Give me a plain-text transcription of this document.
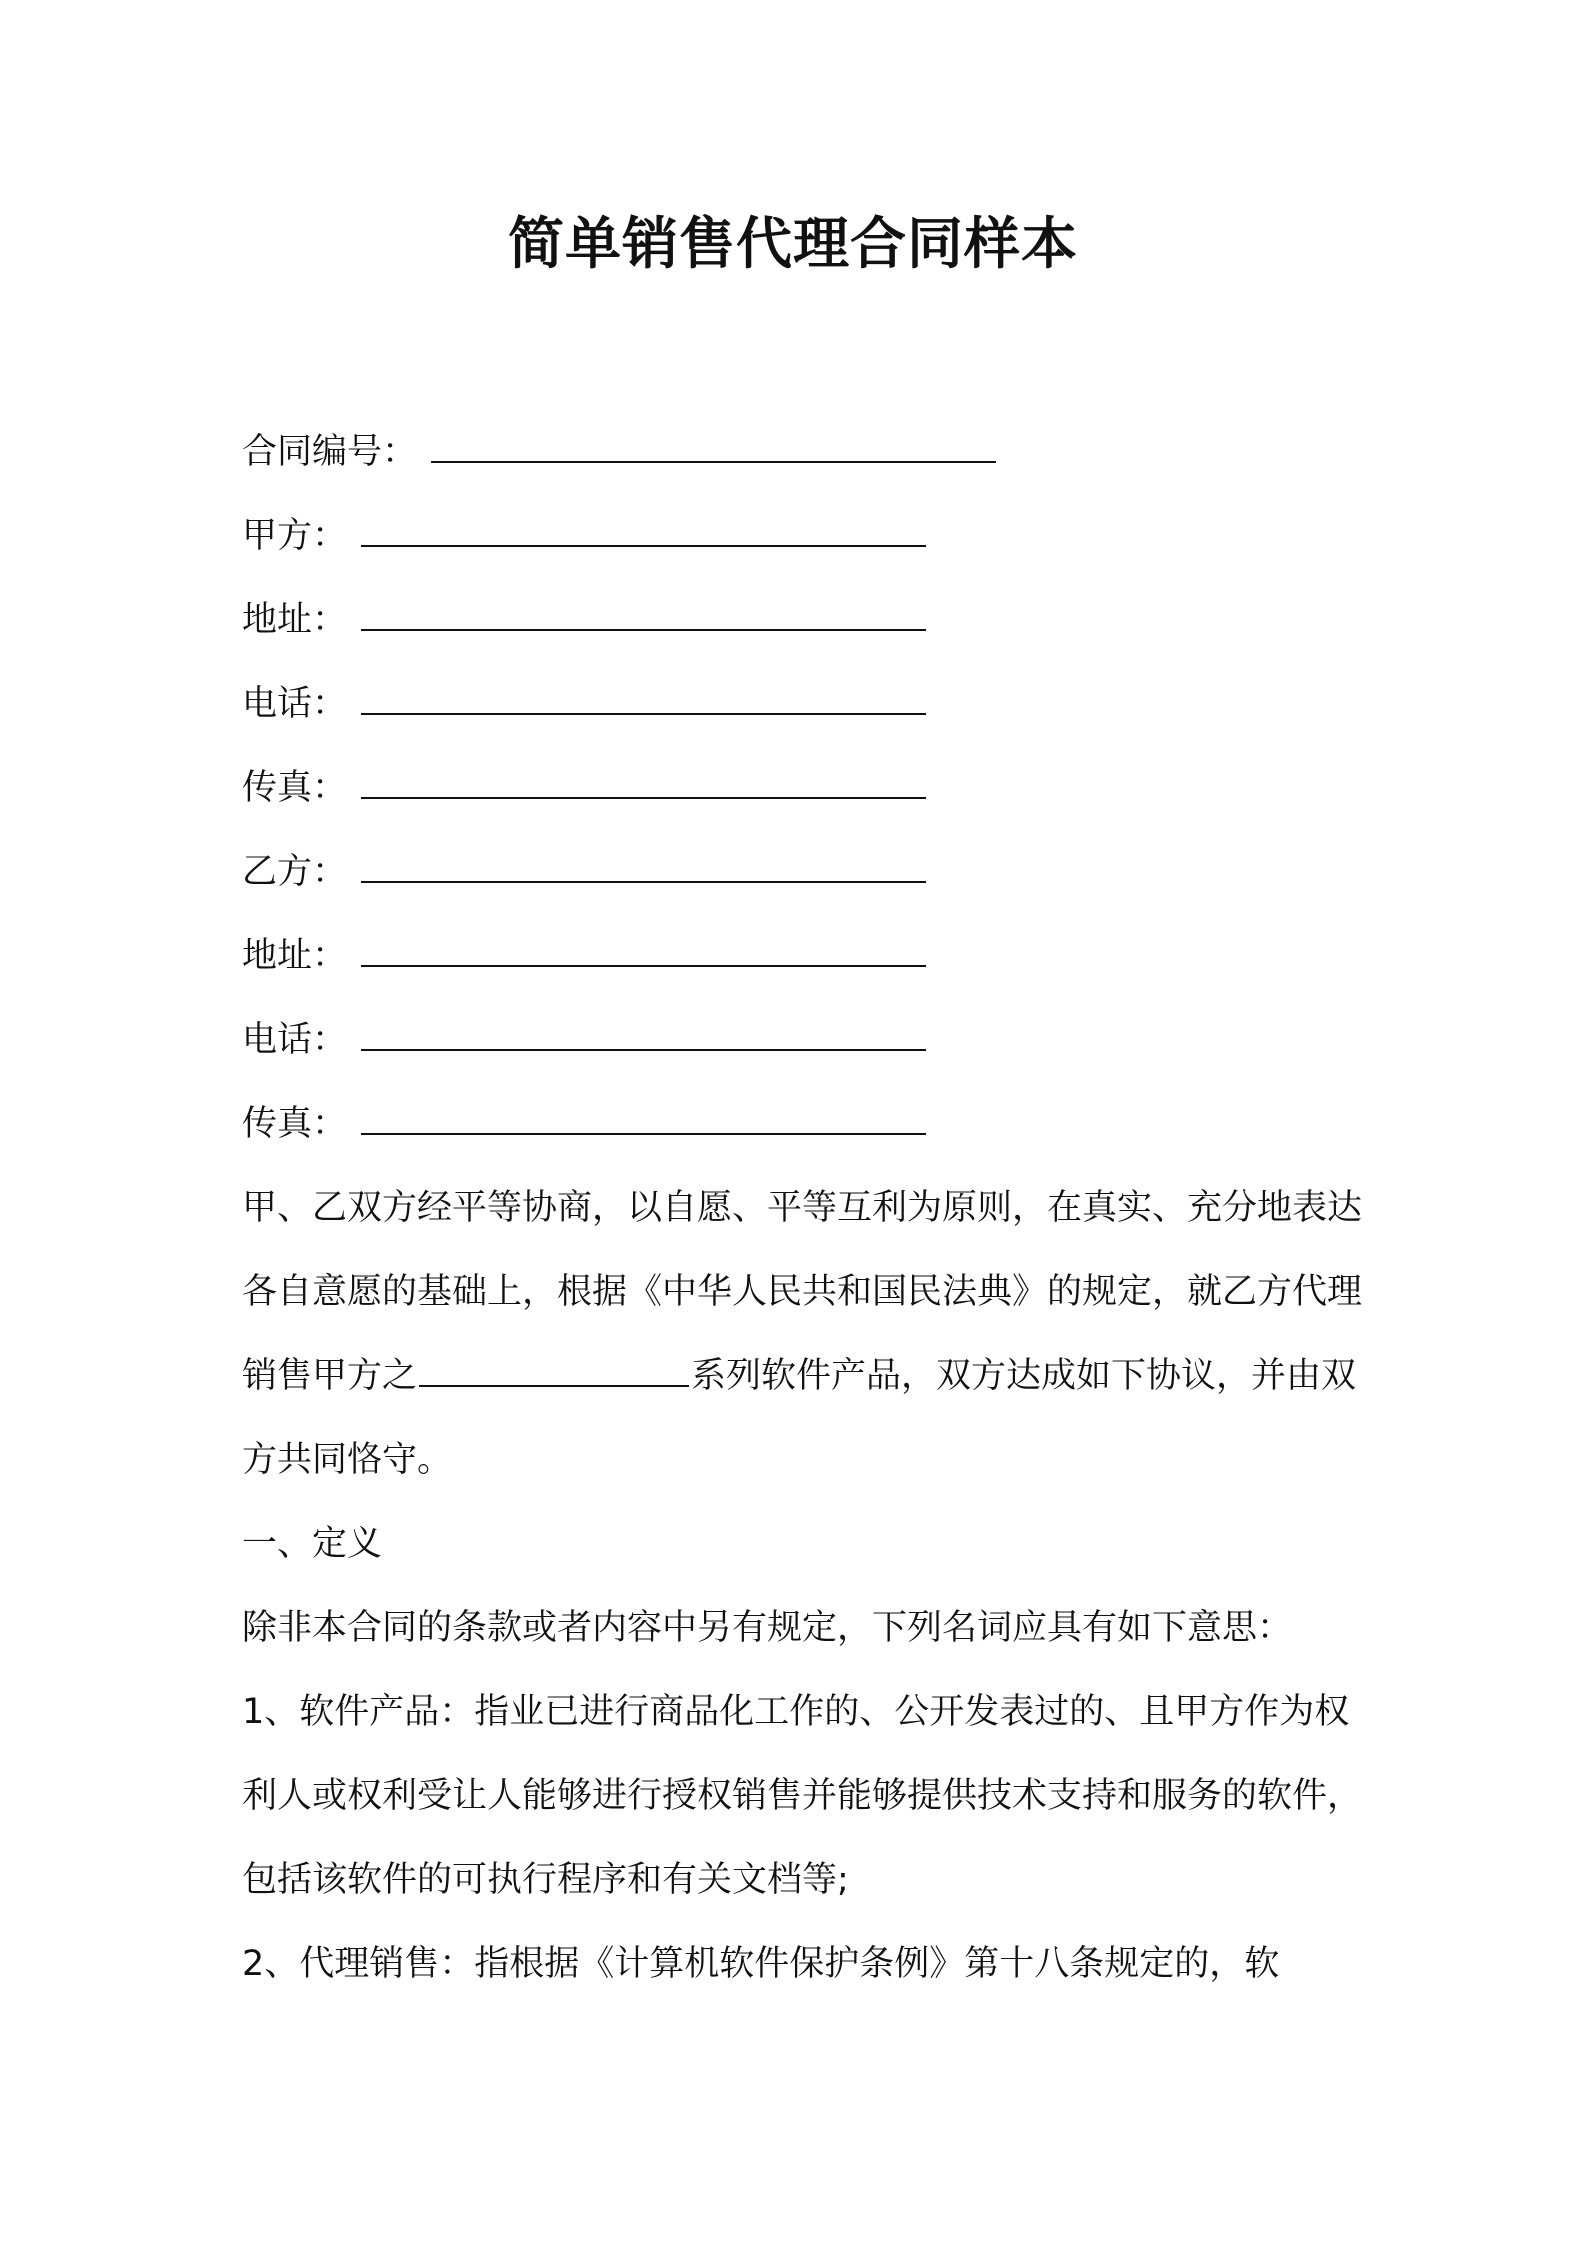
简单销售代理合同样本
合同编号：
甲方：
地址：
电话：
传真：
乙方：
地址：
电话：
传真：

甲、乙双方经平等协商，以自愿、平等互利为原则，在真实、充分地表达各自意愿的基础上，根据《中华人民共和国民法典》的规定，就乙方代理销售甲方之	系列软件产品，双方达成如下协议，并由双方共同恪守。

一、定义

除非本合同的条款或者内容中另有规定，下列名词应具有如下意思：

1、软件产品：指业已进行商品化工作的、公开发表过的、且甲方作为权利人或权利受让人能够进行授权销售并能够提供技术支持和服务的软件，包括该软件的可执行程序和有关文档等;

2、代理销售：指根据《计算机软件保护条例》第十八条规定的，软
